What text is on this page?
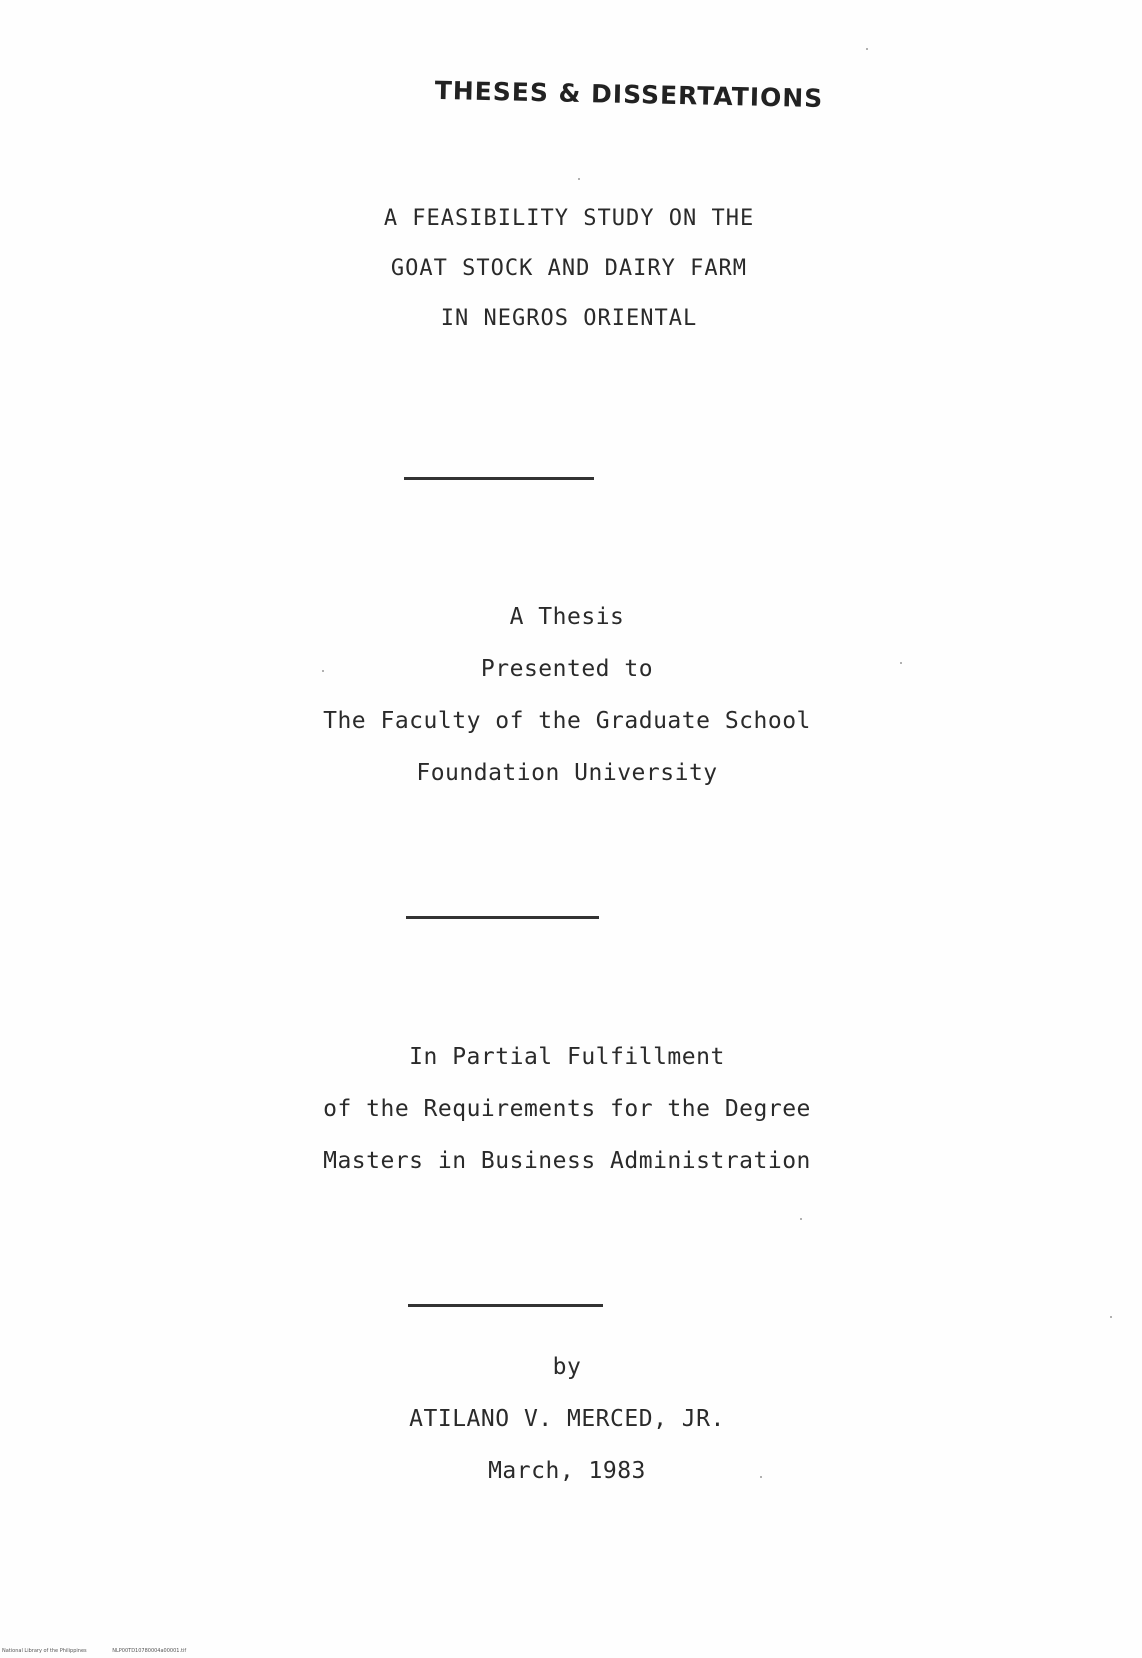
THESES & DISSERTATIONS
A FEASIBILITY STUDY ON THE
GOAT STOCK AND DAIRY FARM
IN NEGROS ORIENTAL
A Thesis
Presented to
The Faculty of the Graduate School
Foundation University
In Partial Fulfillment
of the Requirements for the Degree
Masters in Business Administration
by
ATILANO V. MERCED, JR.
March, 1983
National Library of the Philippines	NLP00TD10780004a00001.tif
